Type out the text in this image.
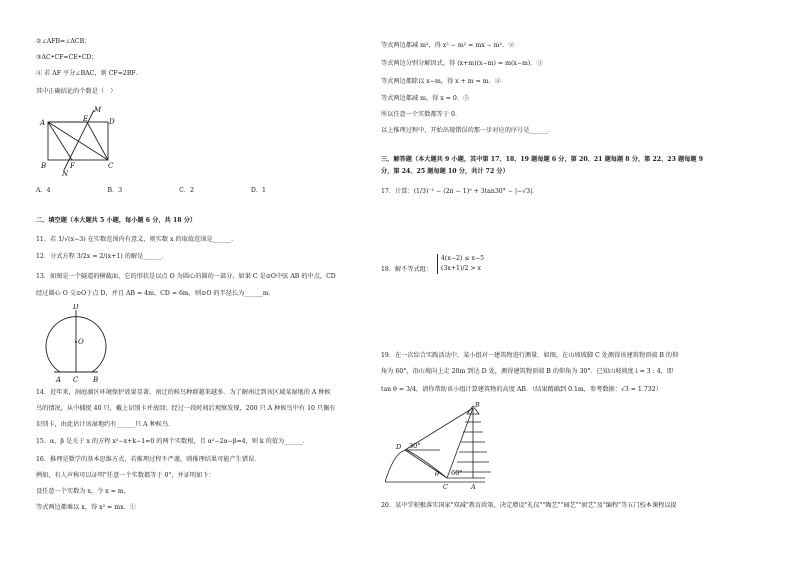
②∠AFB=∠ACB；
③AC•CF=CE•CD；
④ 若 AF 平分∠BAC，则 CF=2BF．
其中正确结论的个数是（　）
A
B	C
D
E
F
M
N
A．4	B．3	C．2	D．1
二、填空题（本大题共 5 小题，每小题 6 分，共 18 分）
11．若 1/√(x−3) 在实数范围内有意义，则实数 x 的取值范围是______．
12．分式方程 3/2x = 2/(x+1) 的解是______．
13．如图是一个隧道的横截面，它的形状是以点 O 为圆心的圆的一部分，如果 C 是⊙O中弦 AB 的中点，CD
经过圆心 O 交⊙O于点 D，并且 AB = 4m，CD = 6m，则⊙O 的半径长为______m．
D
O
A C B
14．近年来，洞庭湖区环境保护效果显著，南迁的候鸟种群越来越多．为了解南迁到该区域某湿地的 A 种候
鸟的情况，从中捕捉 40 只，戴上识别卡并放回；经过一段时间后观察发现，200 只 A 种候鸟中有 10 只佩有
识别卡，由此估计该湿地约有______只 A 种候鸟．
15．α、β 是关于 x 的方程 x²−x+k−1=0 的两个实数根，且 α²−2α−β=4，则 k 的值为______．
16．推理是数学的基本思维方式、若推理过程不严谨，则推理结果可能产生错误．
例如，有人声称可以证明"任意一个实数都等于 0"，并证明如下：
设任意一个实数为 x，令 x = m，
等式两边都乘以 x，得 x² = mx．①
等式两边都减 m²，得 x² − m² = mx − m²．②
等式两边分别分解因式，得 (x+m)(x−m) = m(x−m)．③
等式两边都除以 x−m，得 x + m = m．④
等式两边都减 m，得 x = 0．⑤
所以任意一个实数都等于 0．
以上推理过程中，开始出现错误的那一步对应的序号是______．
三、解答题（本大题共 9 小题，其中第 17、18、19 题每题 6 分，第 20、21 题每题 8 分，第 22、23 题每题 9
分，第 24、25 题每题 10 分，共计 72 分）
17．计算：(1/3)⁻¹ − (2π − 1)⁰ + 3tan30° − |−√3|．
18．解不等式组：
4(x−2) ≤ x−5
(3x+1)/2 > x
19．在一次综合实践活动中，某小组对一建筑物进行测量．如图，在山坡坡脚 C 处测得该建筑物顶端 B 的仰
角为 60°，沿山坡向上走 20m 到达 D 处，测得建筑物顶端 B 的仰角为 30°．已知山坡坡度 i = 3 : 4，即
tan θ = 3/4，请你帮助该小组计算建筑物的高度 AB．（结果精确到 0.1m，参考数据：√3 ≈ 1.732）
B
D 30°
θ 60°
C	A
20．某中学积极落实国家"双减"教育政策，决定增设"礼仪""陶艺""园艺""厨艺"及"编程"等五门校本课程以提
